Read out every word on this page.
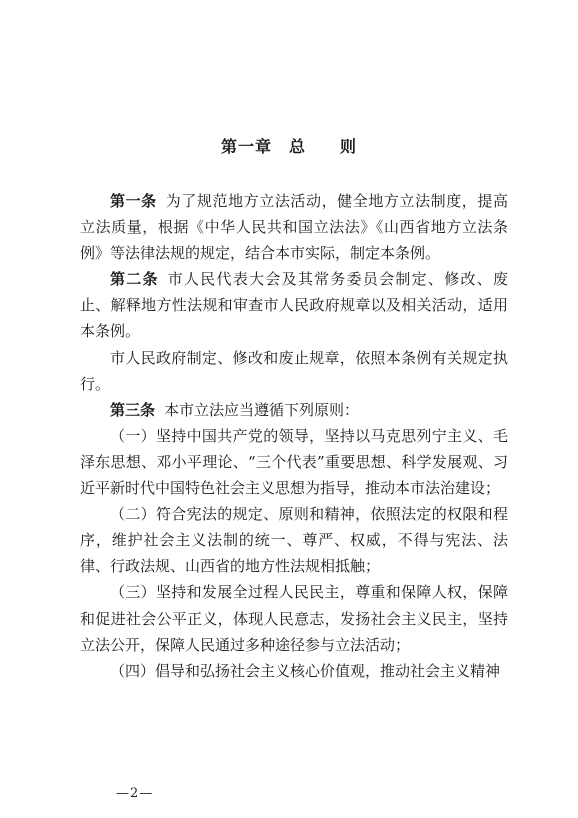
第一章　总　　则

第一条 为了规范地方立法活动，健全地方立法制度，提高立法质量，根据《中华人民共和国立法法》《山西省地方立法条例》等法律法规的规定，结合本市实际，制定本条例。

第二条 市人民代表大会及其常务委员会制定、修改、废止、解释地方性法规和审查市人民政府规章以及相关活动，适用本条例。

市人民政府制定、修改和废止规章，依照本条例有关规定执行。

第三条 本市立法应当遵循下列原则：

（一）坚持中国共产党的领导，坚持以马克思列宁主义、毛泽东思想、邓小平理论、“三个代表”重要思想、科学发展观、习近平新时代中国特色社会主义思想为指导，推动本市法治建设；

（二）符合宪法的规定、原则和精神，依照法定的权限和程序，维护社会主义法制的统一、尊严、权威，不得与宪法、法律、行政法规、山西省的地方性法规相抵触；

（三）坚持和发展全过程人民民主，尊重和保障人权，保障和促进社会公平正义，体现人民意志，发扬社会主义民主，坚持立法公开，保障人民通过多种途径参与立法活动；

（四）倡导和弘扬社会主义核心价值观，推动社会主义精神

—2—
